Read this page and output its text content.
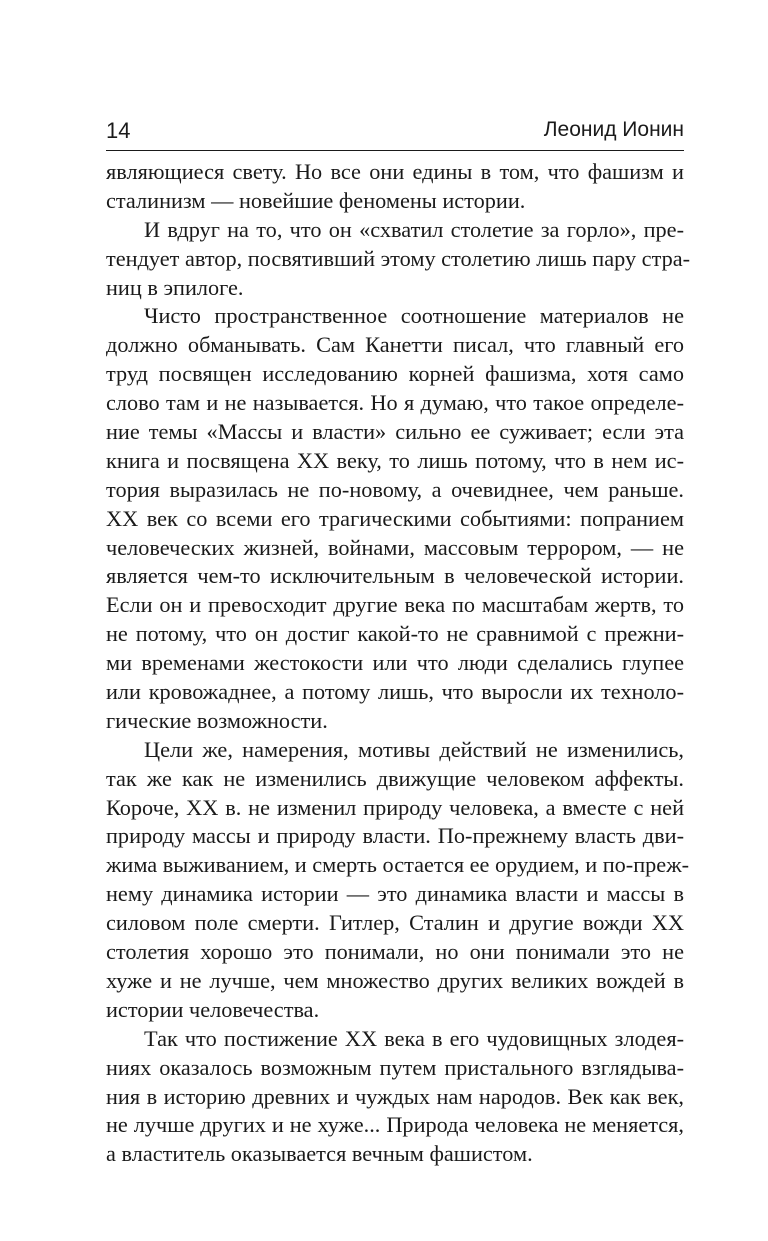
14	Леонид Ионин
являющиеся свету. Но все они едины в том, что фашизм и
сталинизм — новейшие феномены истории.
И вдруг на то, что он «схватил столетие за горло», пре-
тендует автор, посвятивший этому столетию лишь пару стра-
ниц в эпилоге.
Чисто пространственное соотношение материалов не
должно обманывать. Сам Канетти писал, что главный его
труд посвящен исследованию корней фашизма, хотя само
слово там и не называется. Но я думаю, что такое определе-
ние темы «Массы и власти» сильно ее суживает; если эта
книга и посвящена XX веку, то лишь потому, что в нем ис-
тория выразилась не по-новому, а очевиднее, чем раньше.
XX век со всеми его трагическими событиями: попранием
человеческих жизней, войнами, массовым террором, — не
является чем-то исключительным в человеческой истории.
Если он и превосходит другие века по масштабам жертв, то
не потому, что он достиг какой-то не сравнимой с прежни-
ми временами жестокости или что люди сделались глупее
или кровожаднее, а потому лишь, что выросли их техноло-
гические возможности.
Цели же, намерения, мотивы действий не изменились,
так же как не изменились движущие человеком аффекты.
Короче, XX в. не изменил природу человека, а вместе с ней
природу массы и природу власти. По-прежнему власть дви-
жима выживанием, и смерть остается ее орудием, и по-преж-
нему динамика истории — это динамика власти и массы в
силовом поле смерти. Гитлер, Сталин и другие вожди XX
столетия хорошо это понимали, но они понимали это не
хуже и не лучше, чем множество других великих вождей в
истории человечества.
Так что постижение XX века в его чудовищных злодея-
ниях оказалось возможным путем пристального взглядыва-
ния в историю древних и чуждых нам народов. Век как век,
не лучше других и не хуже... Природа человека не меняется,
а властитель оказывается вечным фашистом.
